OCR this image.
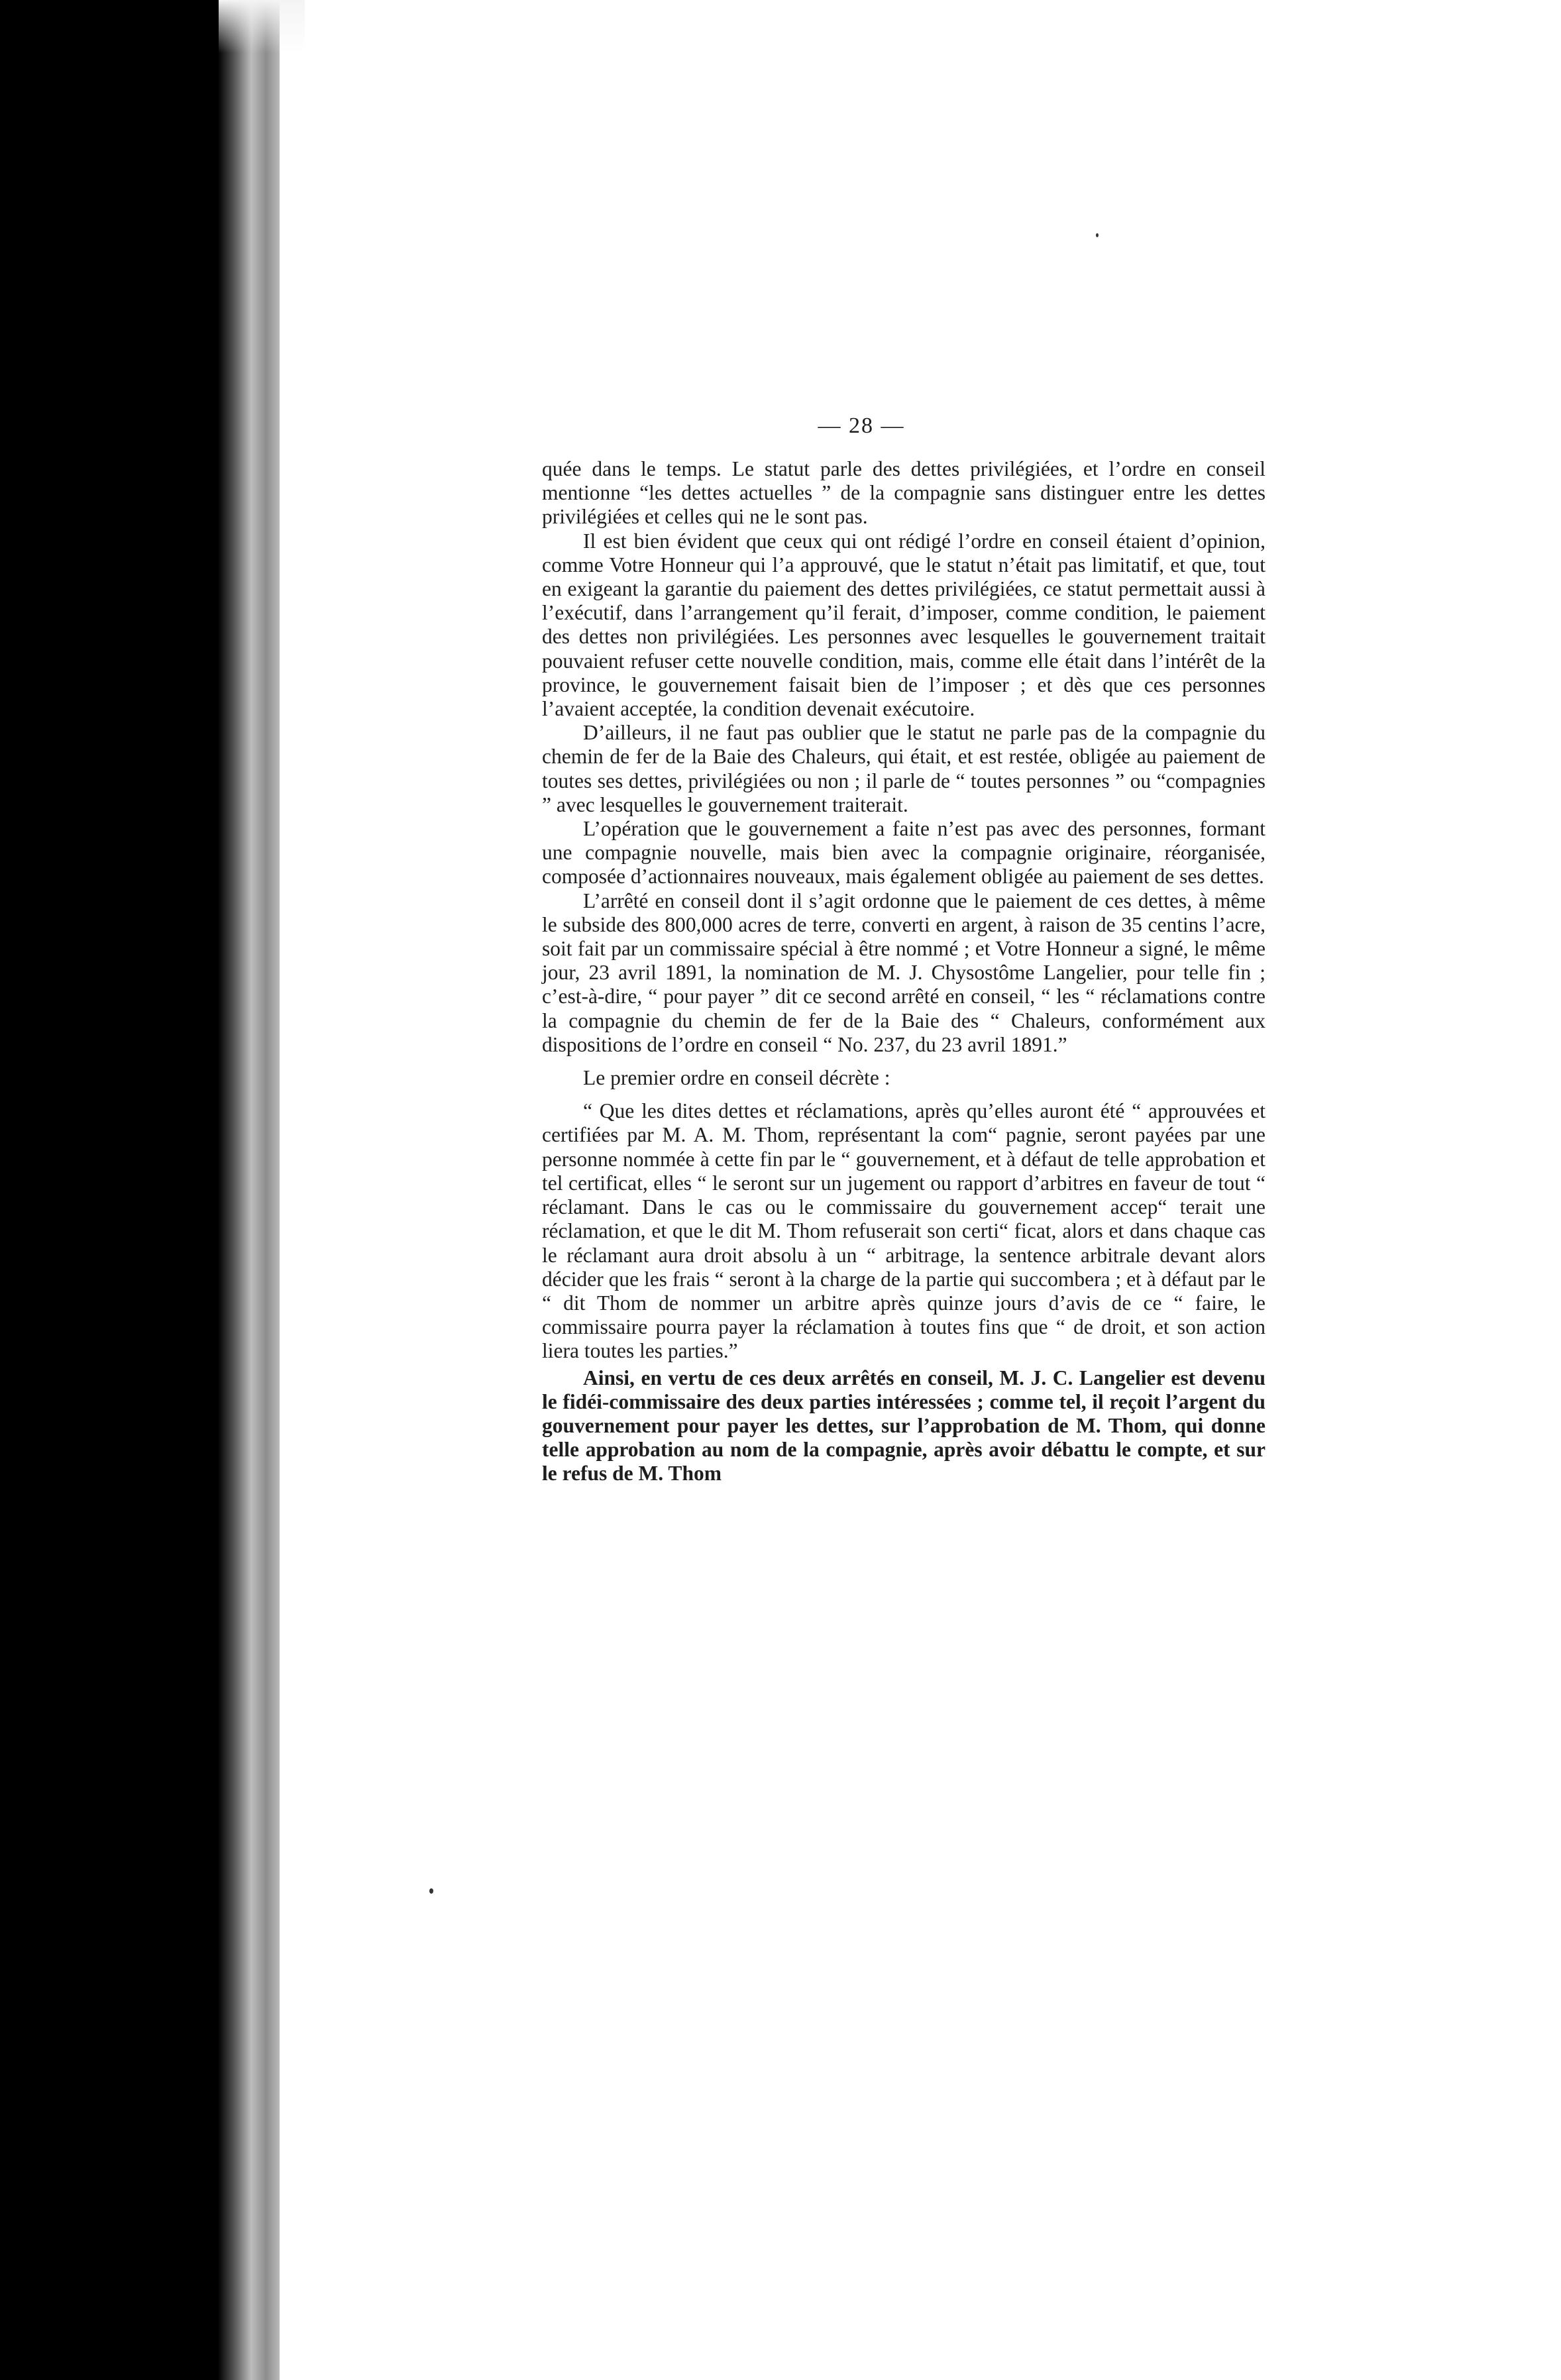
— 28 —

quée dans le temps. Le statut parle des dettes privilégiées, et l’ordre en conseil mentionne “les dettes actuelles ” de la compagnie sans distinguer entre les dettes privilégiées et celles qui ne le sont pas.

Il est bien évident que ceux qui ont rédigé l’ordre en conseil étaient d’opinion, comme Votre Honneur qui l’a approuvé, que le statut n’était pas limitatif, et que, tout en exigeant la garantie du paiement des dettes privilégiées, ce statut permettait aussi à l’exécutif, dans l’arrangement qu’il ferait, d’imposer, comme condition, le paiement des dettes non privilégiées. Les personnes avec lesquelles le gouvernement traitait pouvaient refuser cette nouvelle condition, mais, comme elle était dans l’intérêt de la province, le gouvernement faisait bien de l’imposer ; et dès que ces personnes l’avaient acceptée, la condition devenait exécutoire.

D’ailleurs, il ne faut pas oublier que le statut ne parle pas de la compagnie du chemin de fer de la Baie des Chaleurs, qui était, et est restée, obligée au paiement de toutes ses dettes, privilégiées ou non ; il parle de “ toutes personnes ” ou “compagnies ” avec lesquelles le gouvernement traiterait.

L’opération que le gouvernement a faite n’est pas avec des personnes, formant une compagnie nouvelle, mais bien avec la compagnie originaire, réorganisée, composée d’actionnaires nouveaux, mais également obligée au paiement de ses dettes.

L’arrêté en conseil dont il s’agit ordonne que le paiement de ces dettes, à même le subside des 800,000 acres de terre, converti en argent, à raison de 35 centins l’acre, soit fait par un commissaire spécial à être nommé ; et Votre Honneur a signé, le même jour, 23 avril 1891, la nomination de M. J. Chysostôme Langelier, pour telle fin ; c’est-à-dire, “ pour payer ” dit ce second arrêté en conseil, “ les “ réclamations contre la compagnie du chemin de fer de la Baie des “ Chaleurs, conformément aux dispositions de l’ordre en conseil “ No. 237, du 23 avril 1891.”

Le premier ordre en conseil décrète :

“ Que les dites dettes et réclamations, après qu’elles auront été “ approuvées et certifiées par M. A. M. Thom, représentant la com“ pagnie, seront payées par une personne nommée à cette fin par le “ gouvernement, et à défaut de telle approbation et tel certificat, elles “ le seront sur un jugement ou rapport d’arbitres en faveur de tout “ réclamant. Dans le cas ou le commissaire du gouvernement accep“ terait une réclamation, et que le dit M. Thom refuserait son certi“ ficat, alors et dans chaque cas le réclamant aura droit absolu à un “ arbitrage, la sentence arbitrale devant alors décider que les frais “ seront à la charge de la partie qui succombera ; et à défaut par le “ dit Thom de nommer un arbitre après quinze jours d’avis de ce “ faire, le commissaire pourra payer la réclamation à toutes fins que “ de droit, et son action liera toutes les parties.”

Ainsi, en vertu de ces deux arrêtés en conseil, M. J. C. Langelier est devenu le fidéi-commissaire des deux parties intéressées ; comme tel, il reçoit l’argent du gouvernement pour payer les dettes, sur l’approbation de M. Thom, qui donne telle approbation au nom de la compagnie, après avoir débattu le compte, et sur le refus de M. Thom
